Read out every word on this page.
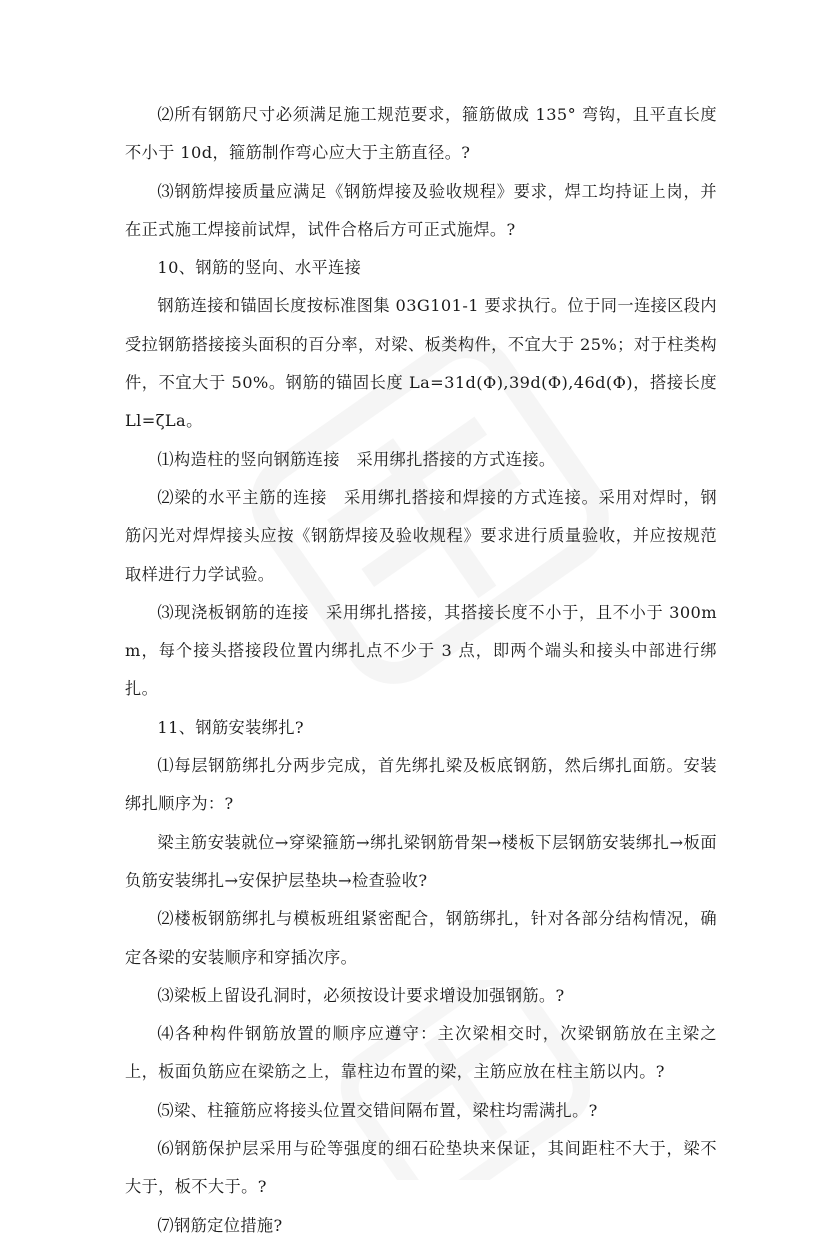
⑵所有钢筋尺寸必须满足施工规范要求，箍筋做成 135° 弯钩，且平直长度不小于 10d，箍筋制作弯心应大于主筋直径。?

⑶钢筋焊接质量应满足《钢筋焊接及验收规程》要求，焊工均持证上岗，并在正式施工焊接前试焊，试件合格后方可正式施焊。?

10、钢筋的竖向、水平连接

钢筋连接和锚固长度按标准图集 03G101-1 要求执行。位于同一连接区段内受拉钢筋搭接接头面积的百分率，对梁、板类构件，不宜大于 25%；对于柱类构件，不宜大于 50%。钢筋的锚固长度 La=31d(Φ),39d(Φ),46d(Φ)，搭接长度 Ll=ζLa。

⑴构造柱的竖向钢筋连接　采用绑扎搭接的方式连接。

⑵梁的水平主筋的连接　采用绑扎搭接和焊接的方式连接。采用对焊时，钢筋闪光对焊焊接头应按《钢筋焊接及验收规程》要求进行质量验收，并应按规范取样进行力学试验。

⑶现浇板钢筋的连接　采用绑扎搭接，其搭接长度不小于，且不小于 300mm，每个接头搭接段位置内绑扎点不少于 3 点，即两个端头和接头中部进行绑扎。

11、钢筋安装绑扎?

⑴每层钢筋绑扎分两步完成，首先绑扎梁及板底钢筋，然后绑扎面筋。安装绑扎顺序为：?

梁主筋安装就位→穿梁箍筋→绑扎梁钢筋骨架→楼板下层钢筋安装绑扎→板面负筋安装绑扎→安保护层垫块→检查验收?

⑵楼板钢筋绑扎与模板班组紧密配合，钢筋绑扎，针对各部分结构情况，确定各梁的安装顺序和穿插次序。

⑶梁板上留设孔洞时，必须按设计要求增设加强钢筋。?

⑷各种构件钢筋放置的顺序应遵守：主次梁相交时，次梁钢筋放在主梁之上，板面负筋应在梁筋之上，靠柱边布置的梁，主筋应放在柱主筋以内。?

⑸梁、柱箍筋应将接头位置交错间隔布置，梁柱均需满扎。?

⑹钢筋保护层采用与砼等强度的细石砼垫块来保证，其间距柱不大于，梁不大于，板不大于。?

⑺钢筋定位措施?
